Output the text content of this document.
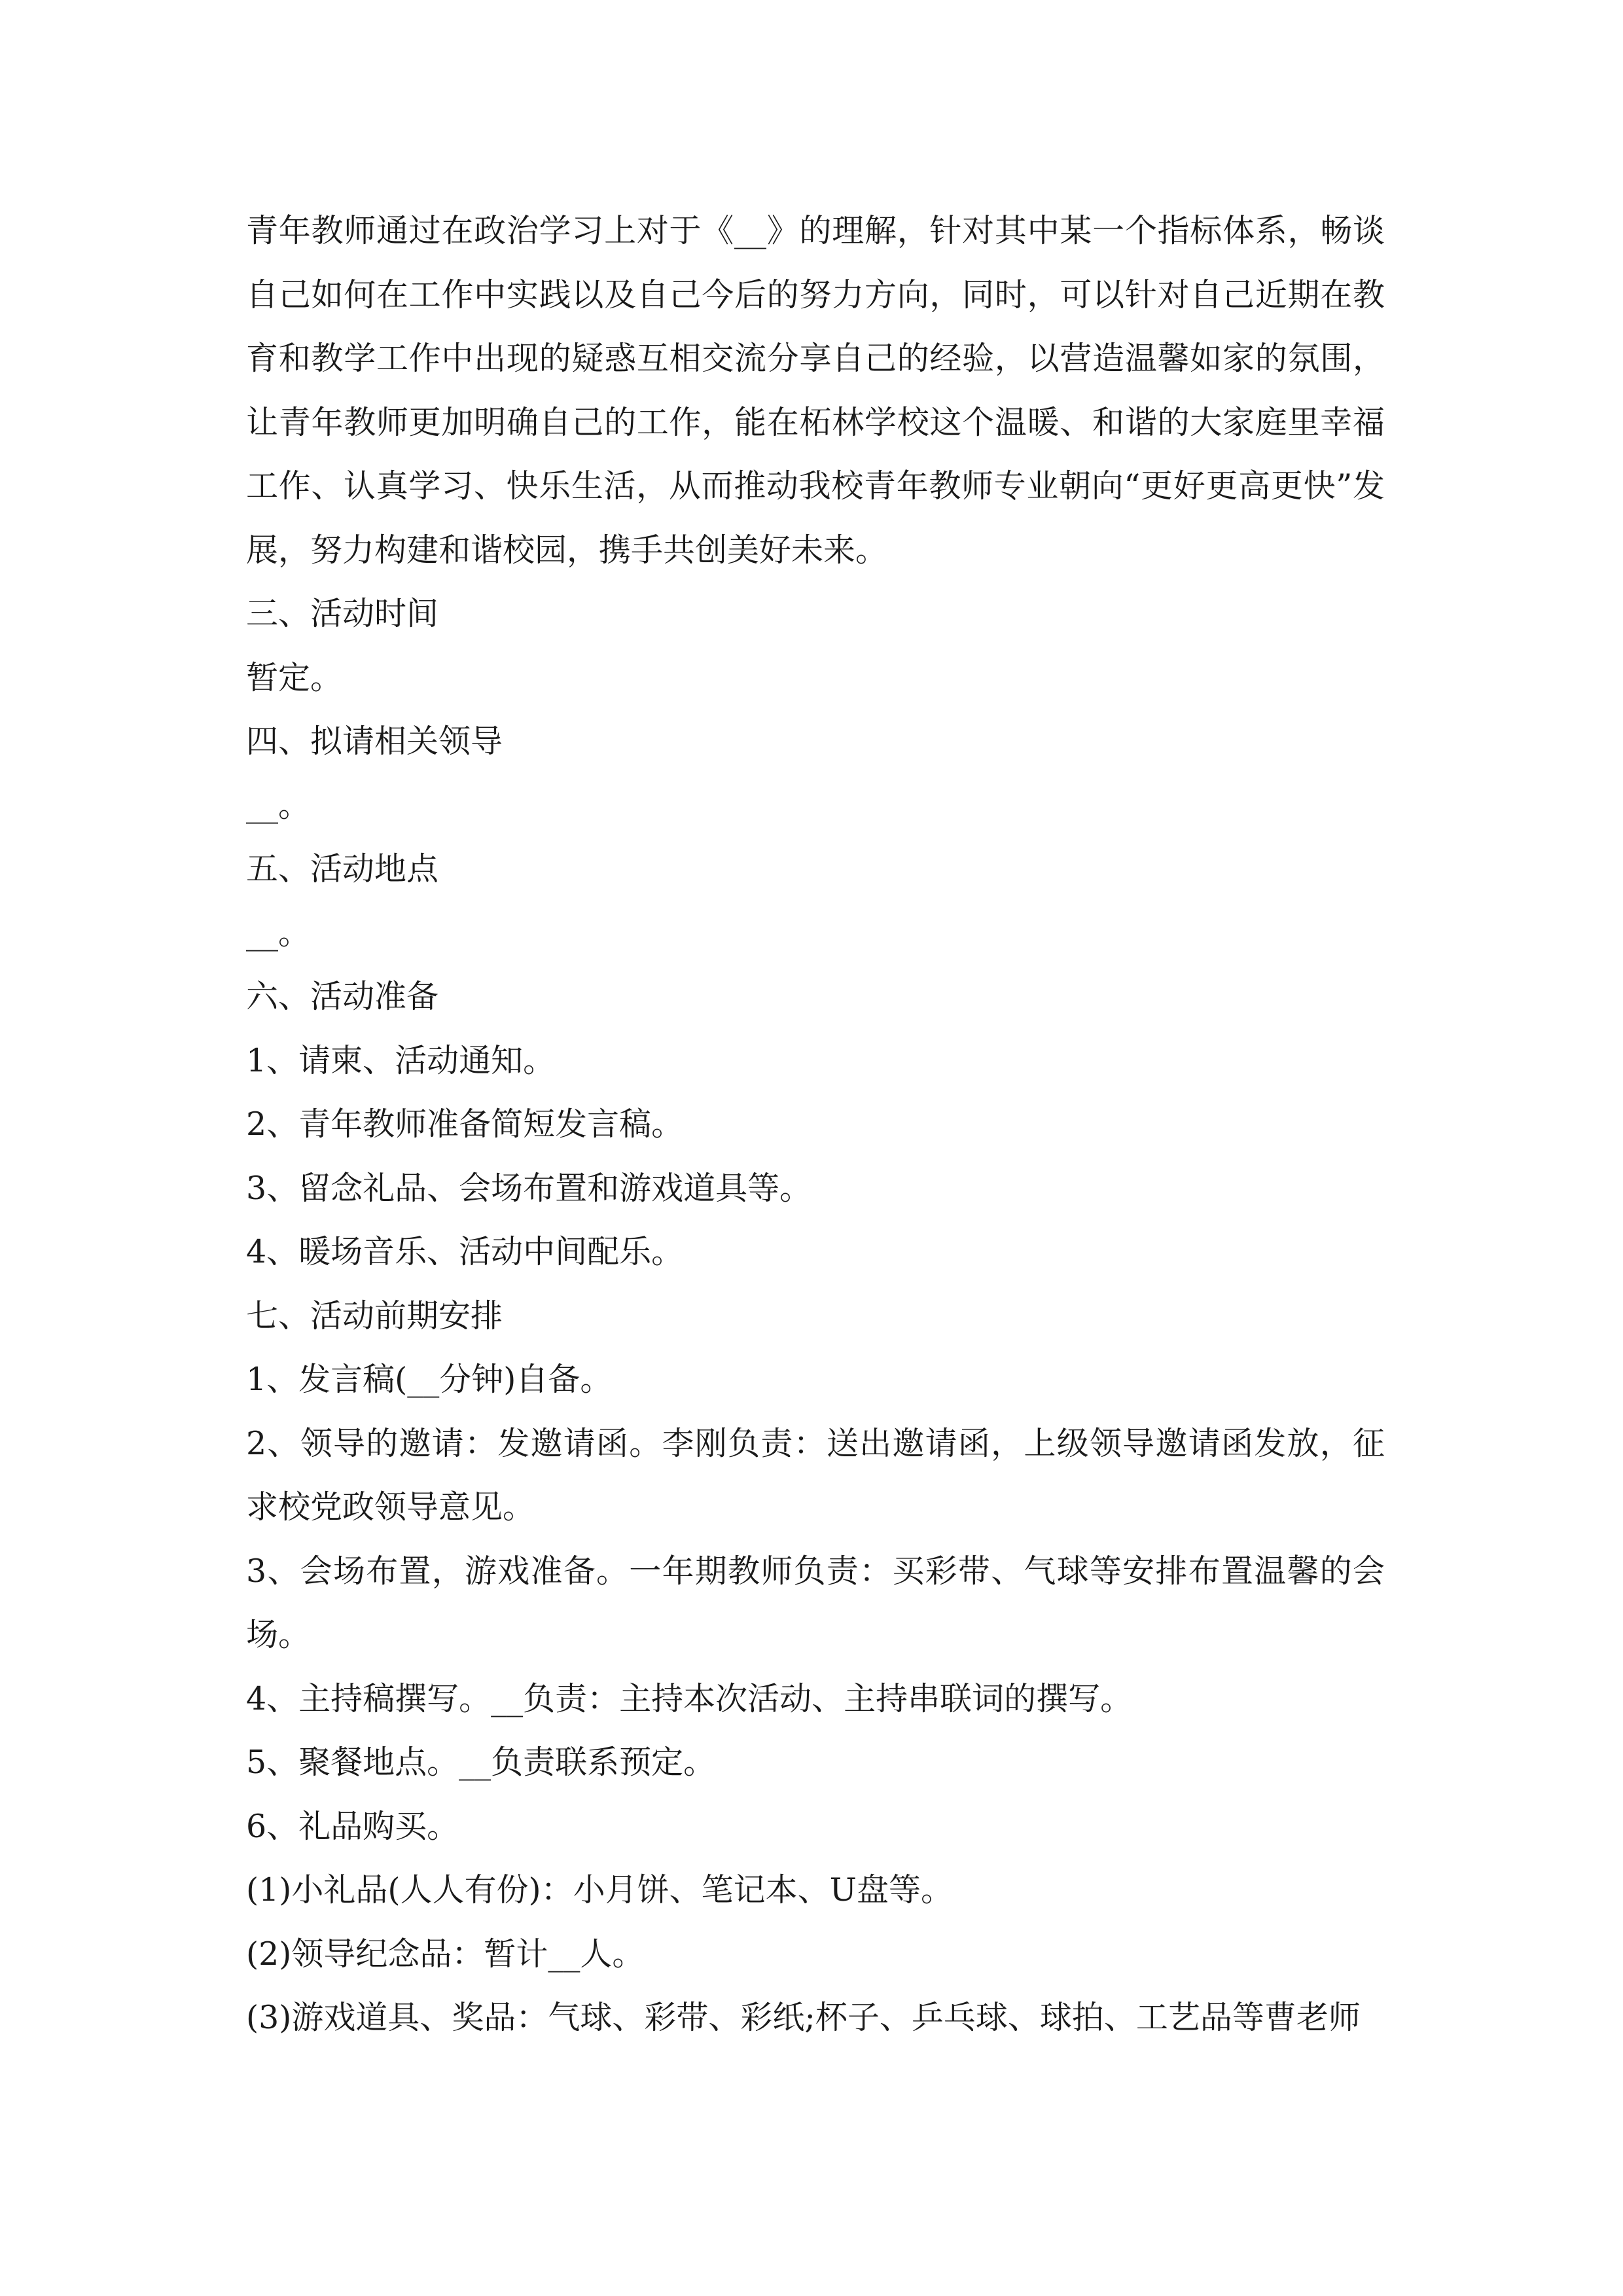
青年教师通过在政治学习上对于《__》的理解，针对其中某一个指标体系，畅谈自己如何在工作中实践以及自己今后的努力方向，同时，可以针对自己近期在教育和教学工作中出现的疑惑互相交流分享自己的经验，以营造温馨如家的氛围，让青年教师更加明确自己的工作，能在柘林学校这个温暖、和谐的大家庭里幸福工作、认真学习、快乐生活，从而推动我校青年教师专业朝向“更好更高更快”发展，努力构建和谐校园，携手共创美好未来。

三、活动时间
暂定。
四、拟请相关领导
__。
五、活动地点
__。
六、活动准备
1、请柬、活动通知。
2、青年教师准备简短发言稿。
3、留念礼品、会场布置和游戏道具等。
4、暖场音乐、活动中间配乐。
七、活动前期安排
1、发言稿(__分钟)自备。

2、领导的邀请：发邀请函。李刚负责：送出邀请函，上级领导邀请函发放，征求校党政领导意见。

3、会场布置，游戏准备。一年期教师负责：买彩带、气球等安排布置温馨的会场。

4、主持稿撰写。__负责：主持本次活动、主持串联词的撰写。
5、聚餐地点。__负责联系预定。
6、礼品购买。
(1)小礼品(人人有份)：小月饼、笔记本、U盘等。
(2)领导纪念品：暂计__人。
(3)游戏道具、奖品：气球、彩带、彩纸;杯子、乒乓球、球拍、工艺品等曹老师
